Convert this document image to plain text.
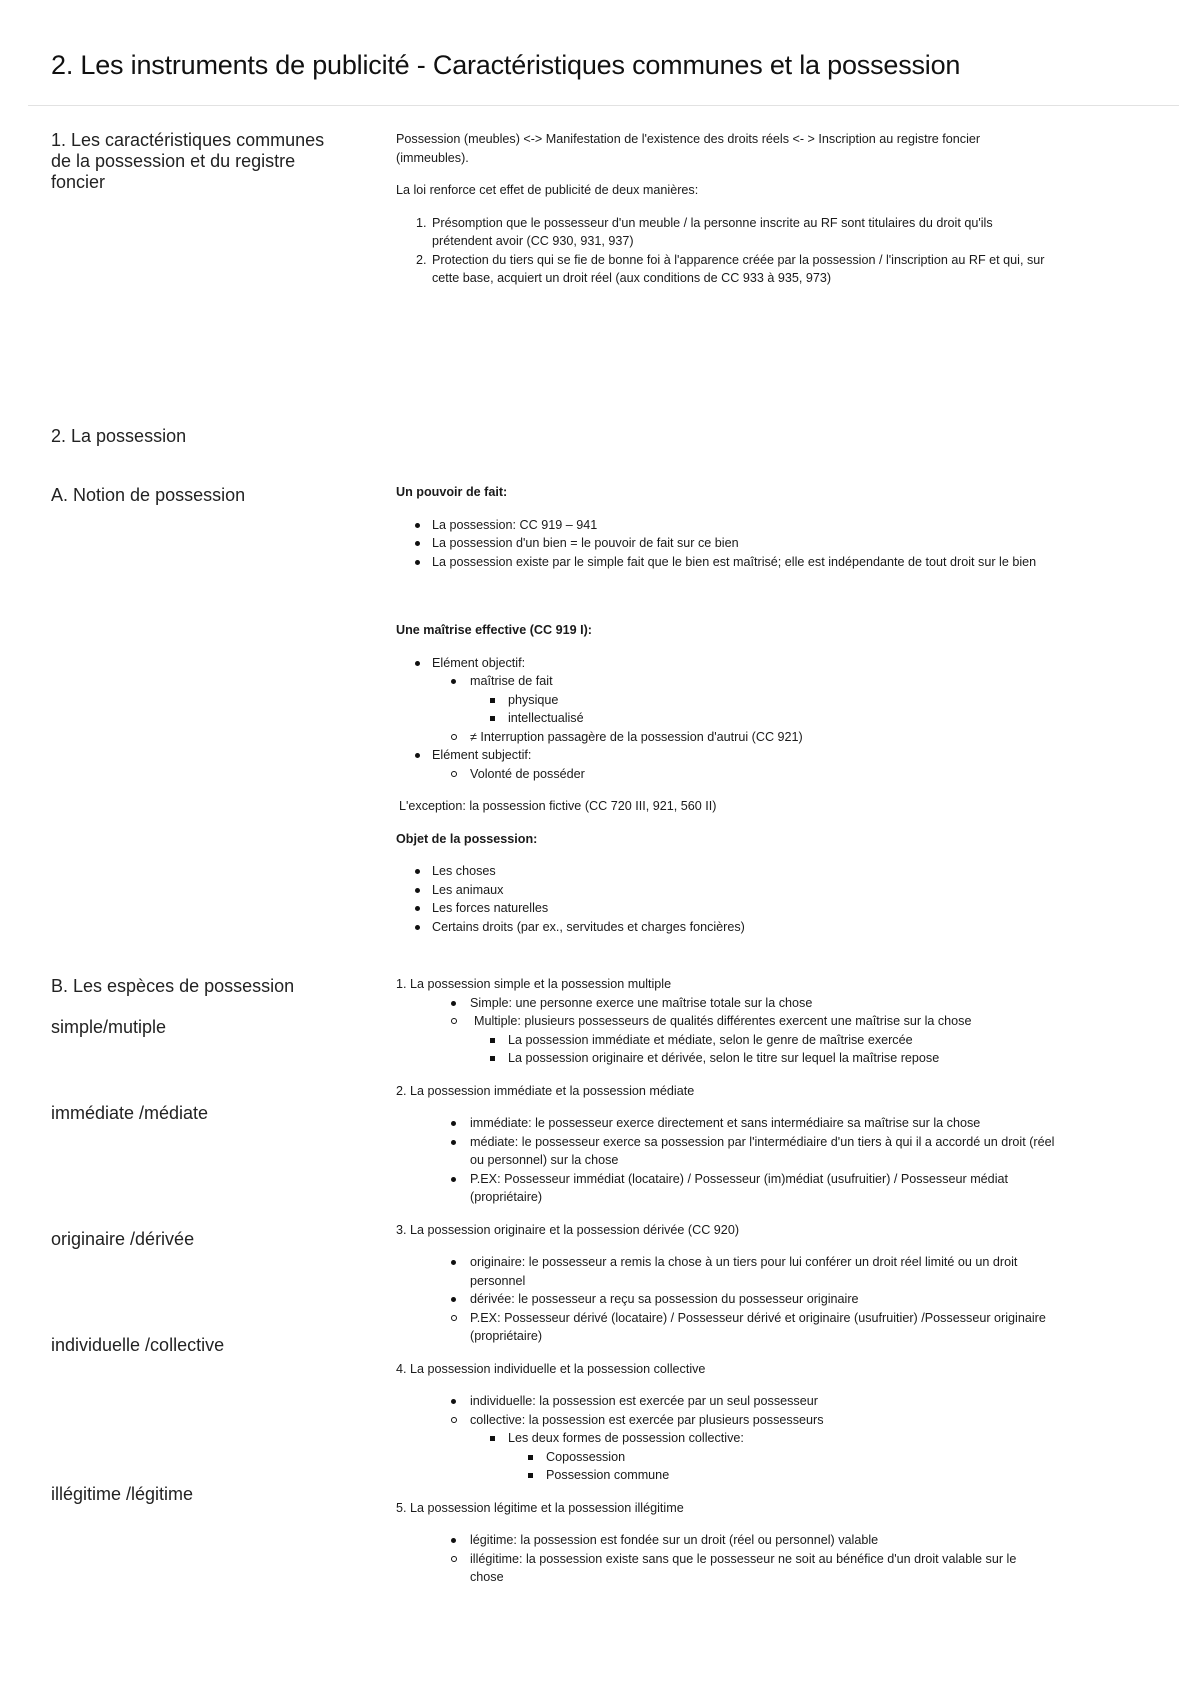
2. Les instruments de publicité - Caractéristiques communes et la possession
1. Les caractéristiques communes
de la possession et du registre
foncier
Possession (meubles) <-> Manifestation de l'existence des droits réels <- > Inscription au registre foncier
(immeubles).

La loi renforce cet effet de publicité de deux manières:

1. Présomption que le possesseur d'un meuble / la personne inscrite au RF sont titulaires du droit qu'ils
prétendent avoir (CC 930, 931, 937)
2. Protection du tiers qui se fie de bonne foi à l'apparence créée par la possession / l'inscription au RF et qui, sur
cette base, acquiert un droit réel (aux conditions de CC 933 à 935, 973)
2. La possession
A. Notion de possession	Un pouvoir de fait:

La possession: CC 919 – 941
La possession d'un bien = le pouvoir de fait sur ce bien
La possession existe par le simple fait que le bien est maîtrisé; elle est indépendante de tout droit sur le bien

Une maîtrise effective (CC 919 I):

Elément objectif:
maîtrise de fait
physique
intellectualisé
≠ Interruption passagère de la possession d'autrui (CC 921)
Elément subjectif:
Volonté de posséder

L'exception: la possession fictive (CC 720 III, 921, 560 II)

Objet de la possession:

Les choses
Les animaux
Les forces naturelles
Certains droits (par ex., servitudes et charges foncières)
B. Les espèces de possession
simple/mutiple
immédiate /médiate
originaire /dérivée
individuelle /collective
illégitime /légitime

1. La possession simple et la possession multiple

Simple: une personne exerce une maîtrise totale sur la chose
Multiple: plusieurs possesseurs de qualités différentes exercent une maîtrise sur la chose
La possession immédiate et médiate, selon le genre de maîtrise exercée
La possession originaire et dérivée, selon le titre sur lequel la maîtrise repose

2. La possession immédiate et la possession médiate

immédiate: le possesseur exerce directement et sans intermédiaire sa maîtrise sur la chose
médiate: le possesseur exerce sa possession par l'intermédiaire d'un tiers à qui il a accordé un droit (réel
ou personnel) sur la chose
P.EX: Possesseur immédiat (locataire) / Possesseur (im)médiat (usufruitier) / Possesseur médiat
(propriétaire)

3. La possession originaire et la possession dérivée (CC 920)

originaire: le possesseur a remis la chose à un tiers pour lui conférer un droit réel limité ou un droit
personnel
dérivée: le possesseur a reçu sa possession du possesseur originaire
P.EX: Possesseur dérivé (locataire) / Possesseur dérivé et originaire (usufruitier) /Possesseur originaire
(propriétaire)

4. La possession individuelle et la possession collective

individuelle: la possession est exercée par un seul possesseur
collective: la possession est exercée par plusieurs possesseurs
Les deux formes de possession collective:
Copossession
Possession commune

5. La possession légitime et la possession illégitime

légitime: la possession est fondée sur un droit (réel ou personnel) valable
illégitime: la possession existe sans que le possesseur ne soit au bénéfice d'un droit valable sur le
chose
